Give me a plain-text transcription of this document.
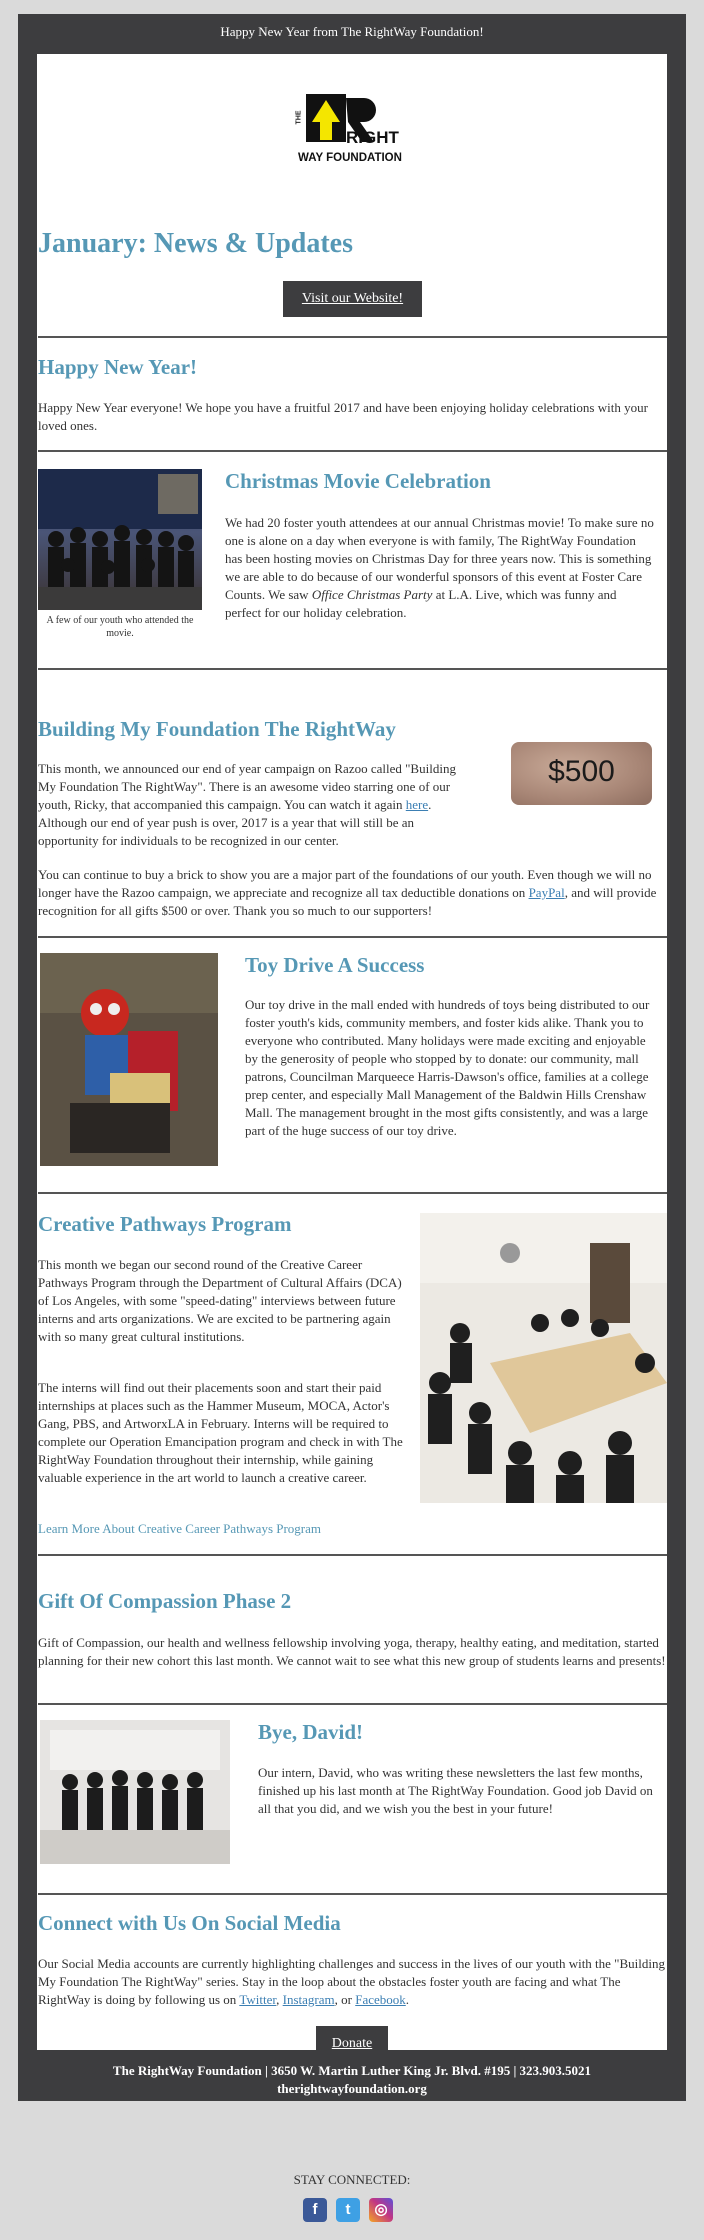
Happy New Year from The RightWay Foundation!
THE
RIGHT
WAY FOUNDATION
January: News & Updates
Visit our Website!
Happy New Year!
Happy New Year everyone! We hope you have a fruitful 2017 and have been enjoying holiday celebrations with your loved ones.
A few of our youth who attended the movie.
Christmas Movie Celebration
We had 20 foster youth attendees at our annual Christmas movie! To make sure no one is alone on a day when everyone is with family, The RightWay Foundation has been hosting movies on Christmas Day for three years now. This is something we are able to do because of our wonderful sponsors of this event at Foster Care Counts. We saw Office Christmas Party at L.A. Live, which was funny and perfect for our holiday celebration.
Building My Foundation The RightWay
$500
This month, we announced our end of year campaign on Razoo called "Building My Foundation The RightWay". There is an awesome video starring one of our youth, Ricky, that accompanied this campaign. You can watch it again here. Although our end of year push is over, 2017 is a year that will still be an opportunity for individuals to be recognized in our center.
You can continue to buy a brick to show you are a major part of the foundations of our youth. Even though we will no longer have the Razoo campaign, we appreciate and recognize all tax deductible donations on PayPal, and will provide recognition for all gifts $500 or over. Thank you so much to our supporters!
Toy Drive A Success
Our toy drive in the mall ended with hundreds of toys being distributed to our foster youth's kids, community members, and foster kids alike. Thank you to everyone who contributed. Many holidays were made exciting and enjoyable by the generosity of people who stopped by to donate: our community, mall patrons, Councilman Marqueece Harris-Dawson's office, families at a college prep center, and especially Mall Management of the Baldwin Hills Crenshaw Mall. The management brought in the most gifts consistently, and was a large part of the huge success of our toy drive.
Creative Pathways Program
This month we began our second round of the Creative Career Pathways Program through the Department of Cultural Affairs (DCA) of Los Angeles, with some "speed-dating" interviews between future interns and arts organizations. We are excited to be partnering again with so many great cultural institutions.
The interns will find out their placements soon and start their paid internships at places such as the Hammer Museum, MOCA, Actor's Gang, PBS, and ArtworxLA in February. Interns will be required to complete our Operation Emancipation program and check in with The RightWay Foundation throughout their internship, while gaining valuable experience in the art world to launch a creative career.
Learn More About Creative Career Pathways Program
Gift Of Compassion Phase 2
Gift of Compassion, our health and wellness fellowship involving yoga, therapy, healthy eating, and meditation, started planning for their new cohort this last month. We cannot wait to see what this new group of students learns and presents!
Bye, David!
Our intern, David, who was writing these newsletters the last few months, finished up his last month at The RightWay Foundation. Good job David on all that you did, and we wish you the best in your future!
Connect with Us On Social Media
Our Social Media accounts are currently highlighting challenges and success in the lives of our youth with the "Building My Foundation The RightWay" series. Stay in the loop about the obstacles foster youth are facing and what The RightWay is doing by following us on Twitter, Instagram, or Facebook.
Donate
The RightWay Foundation | 3650 W. Martin Luther King Jr. Blvd. #195 | 323.903.5021
therightwayfoundation.org
STAY CONNECTED:
f	t	◎
